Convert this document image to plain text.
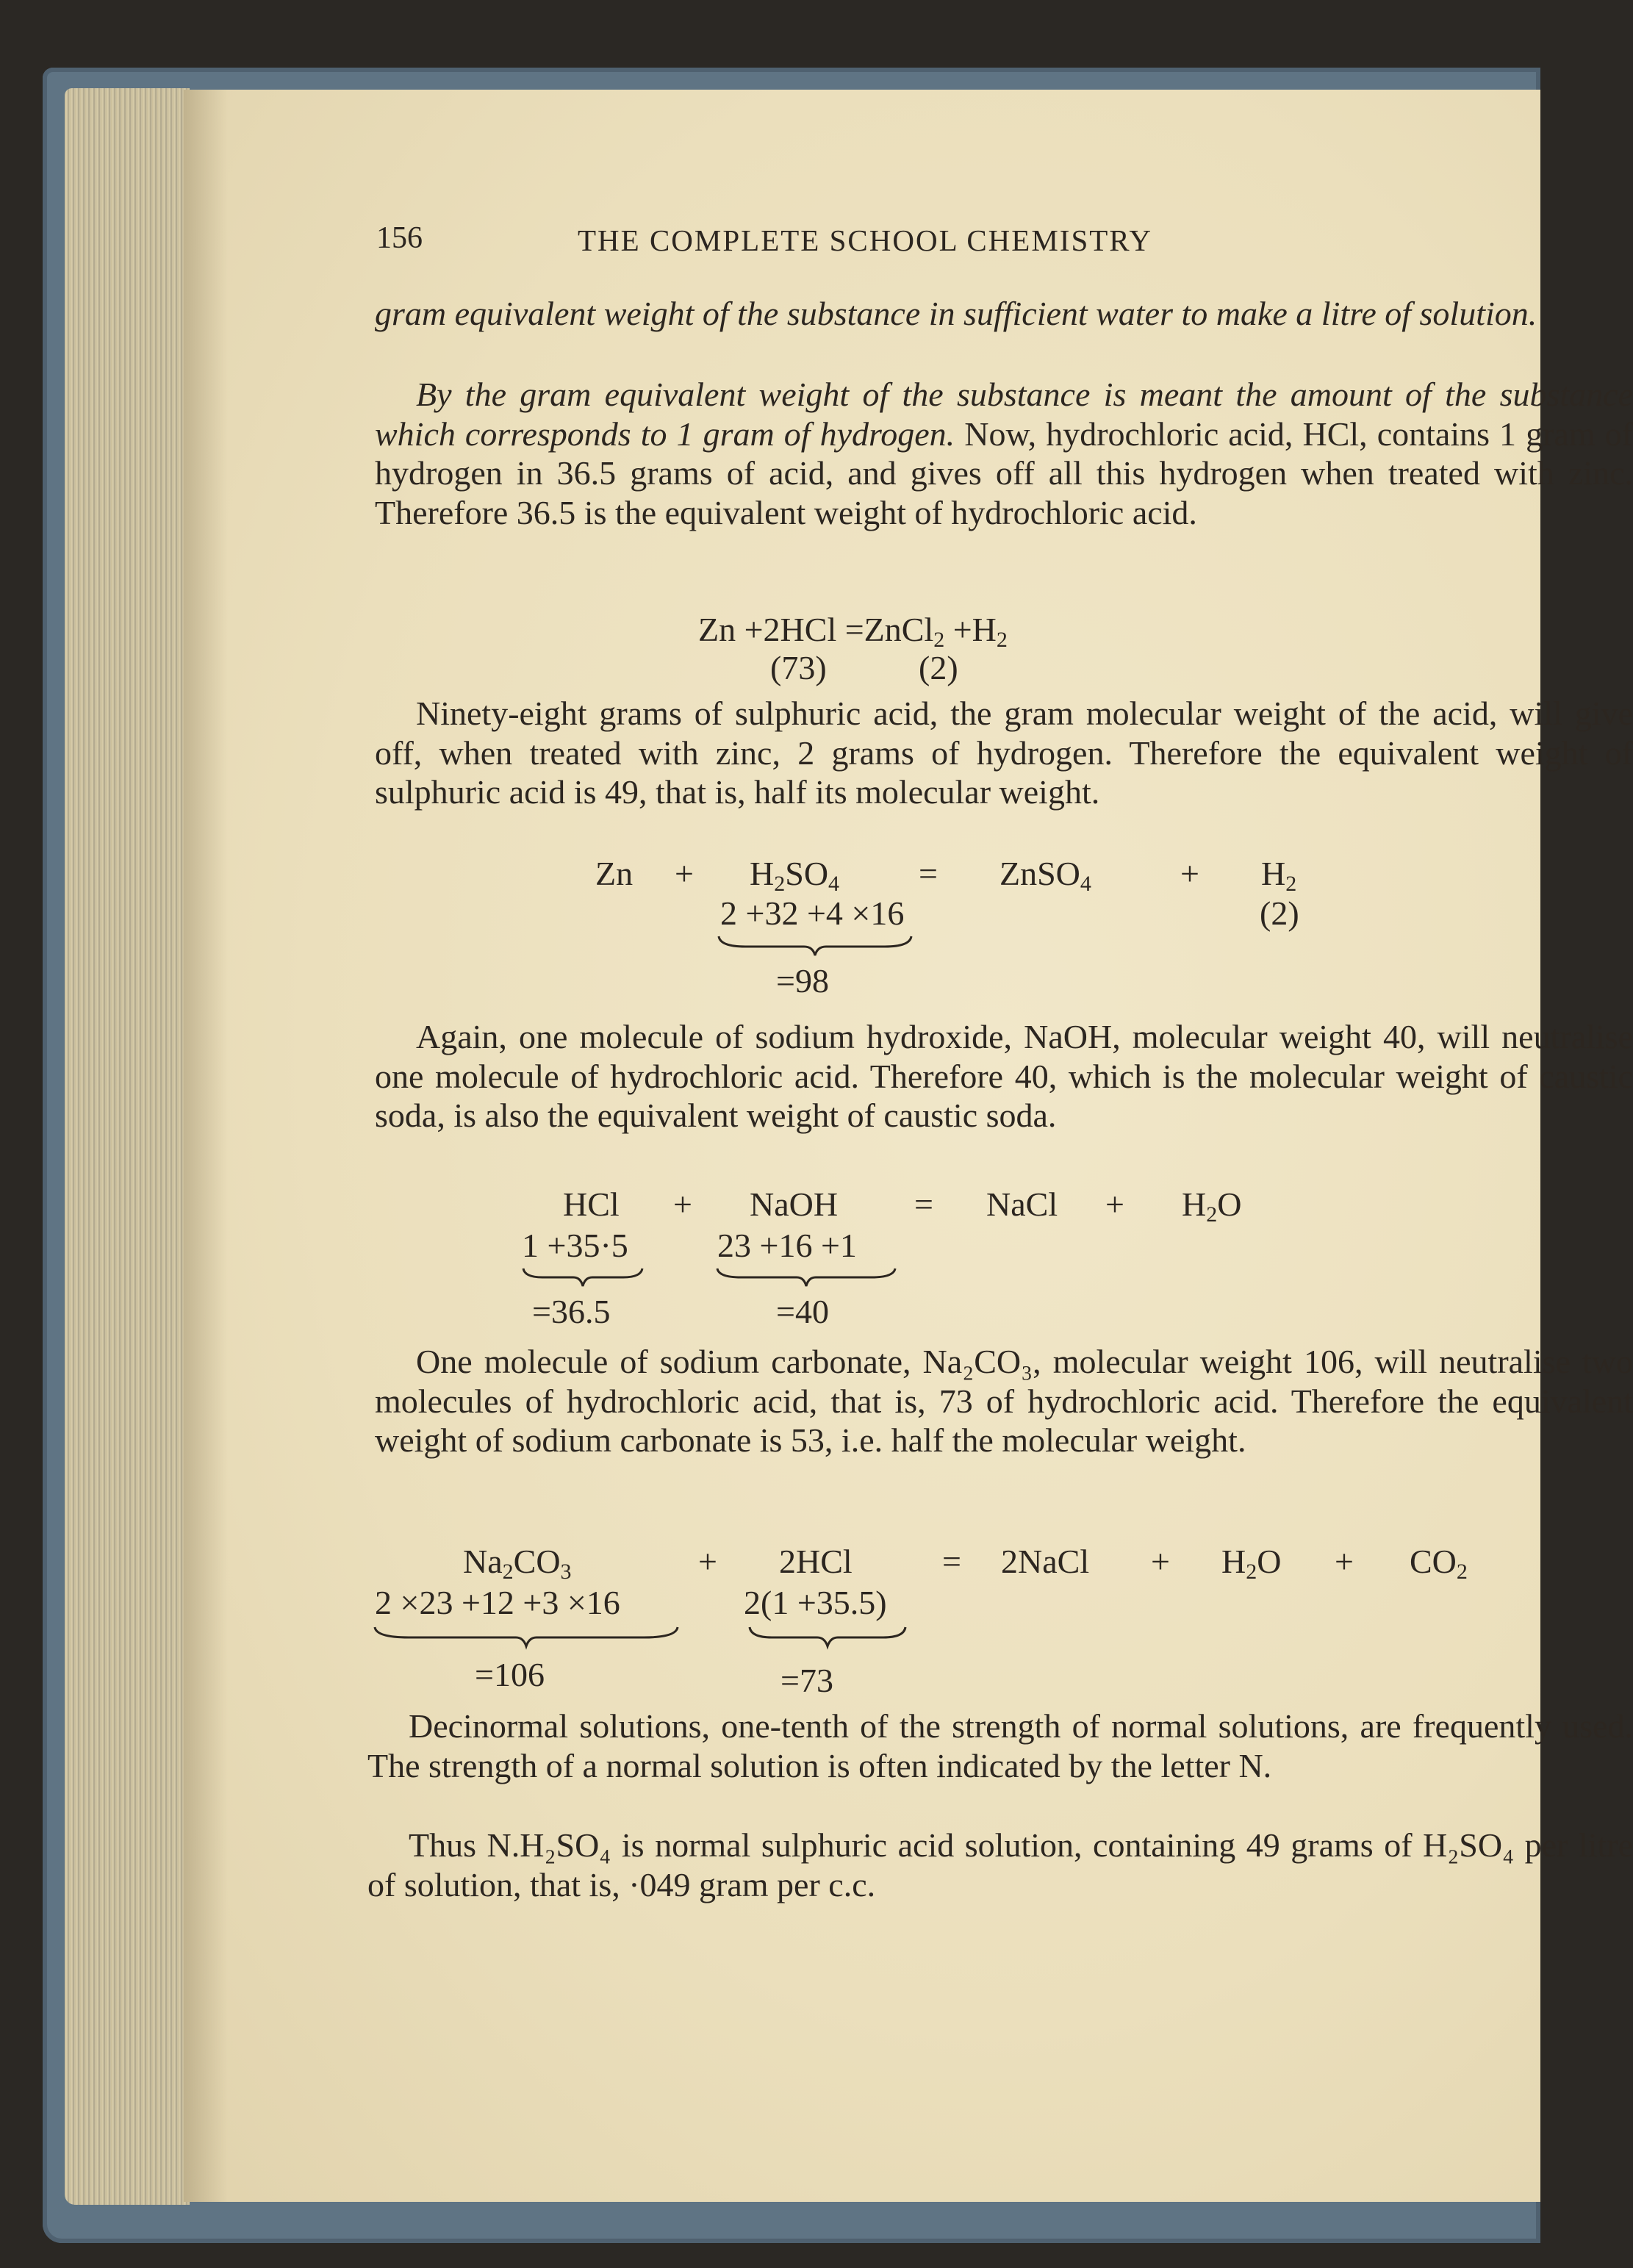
156	THE COMPLETE SCHOOL CHEMISTRY
gram equivalent weight of the substance in sufficient water to make a litre of solution.
By the gram equivalent weight of the substance is meant the amount of the substance which corresponds to 1 gram of hydrogen. Now, hydrochloric acid, HCl, contains 1 gram of hydrogen in 36.5 grams of acid, and gives off all this hydrogen when treated with zinc. Therefore 36.5 is the equivalent weight of hydrochloric acid.
Zn +2HCl =ZnCl$_2$ $+H_2$
(73)	(2)
Ninety-eight grams of sulphuric acid, the gram molecular weight of the acid, will give off, when treated with zinc, 2 grams of hydrogen. Therefore the equivalent weight of sulphuric acid is 49, that is, half its molecular weight.
$Zn + H_2SO_4$ = ZnSO$_4$	+ $H_2$
2 +32 +4 ×16	(2)
=98
Again, one molecule of sodium hydroxide, NaOH, molecular weight 40, will neutralise one molecule of hydrochloric acid. Therefore 40, which is the molecular weight of caustic soda, is also the equivalent weight of caustic soda.
HCl + NaOH = NaCl + $H_2O$
1 +35·5	23 +16 +1
=36.5	=40
One molecule of sodium carbonate, Na₂CO₃, molecular weight 106, will neutralise two molecules of hydrochloric acid, that is, 73 of hydrochloric acid. Therefore the equivalent weight of sodium carbonate is 53, i.e. half the molecular weight.
$Na_2CO_3$	+ 2HCl	= 2NaCl + $H_2O + CO_2$
2 ×23 +12 +3 ×16	2(1 +35.5)
=106	=73
Decinormal solutions, one-tenth of the strength of normal solutions, are frequently used. The strength of a normal solution is often indicated by the letter N.
Thus N.H₂SO₄ is normal sulphuric acid solution, containing 49 grams of H₂SO₄ per litre of solution, that is, ·049 gram per c.c.
